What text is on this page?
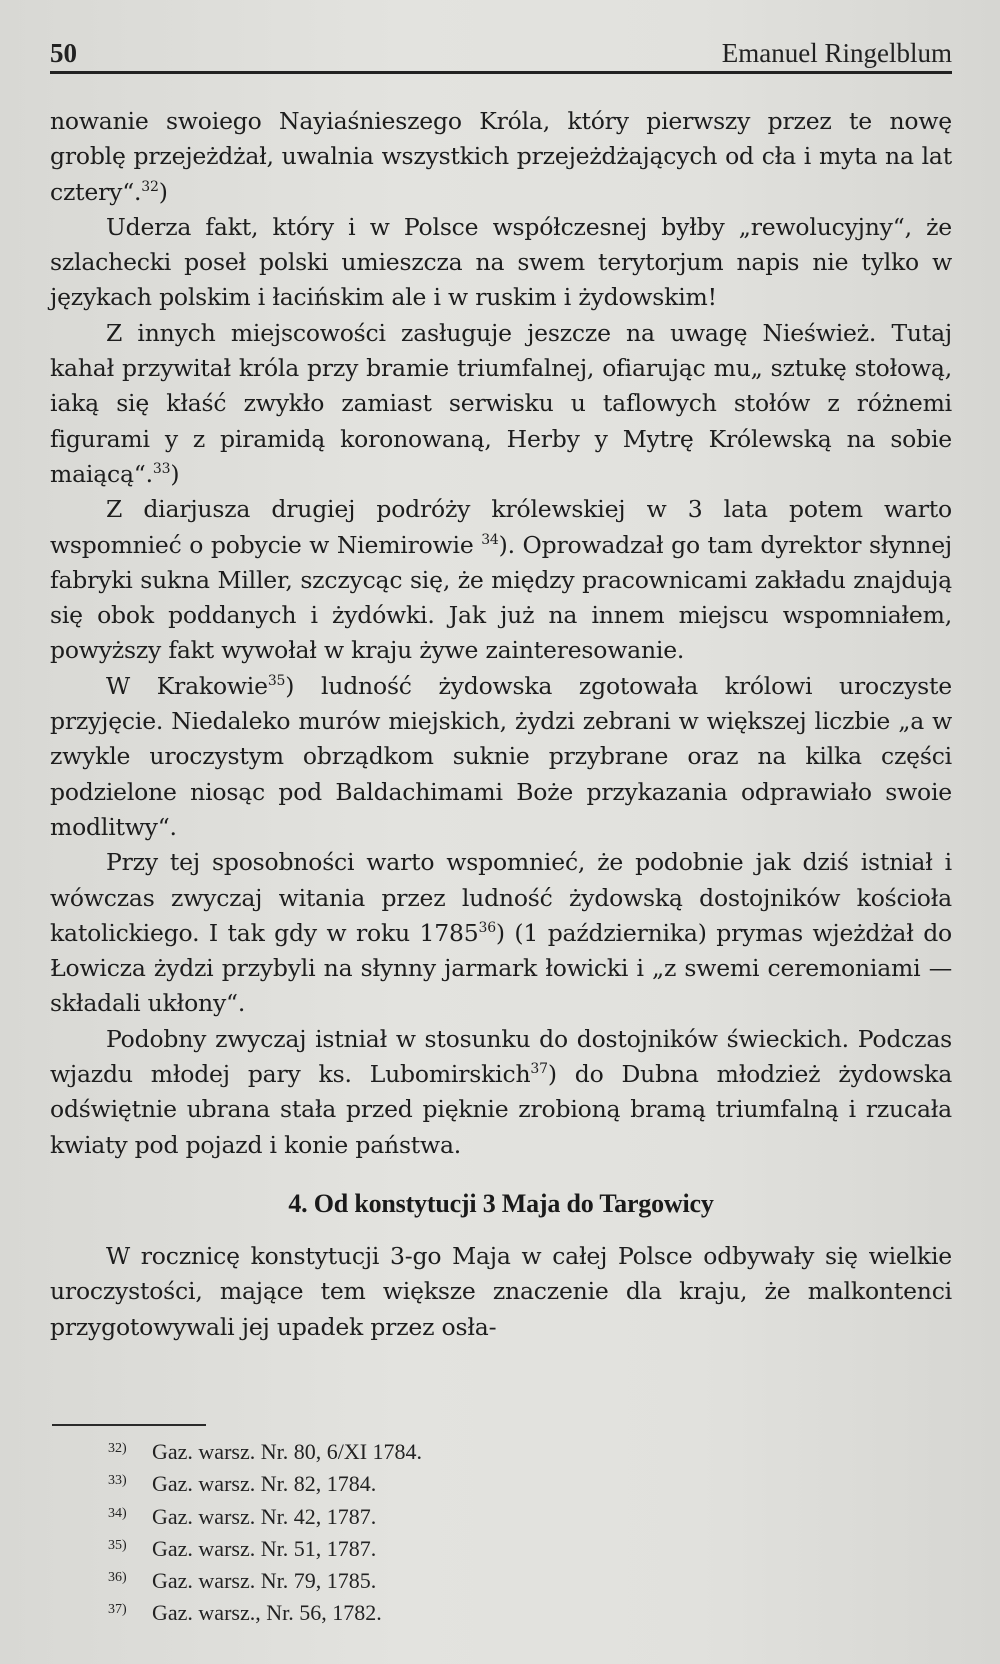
50	Emanuel Ringelblum

nowanie swoiego Nayiaśnieszego Króla, który pierwszy przez te nowę groblę przejeżdżał, uwalnia wszystkich przejeżdżających od cła i myta na lat cztery“.$^{32}$)

Uderza fakt, który i w Polsce współczesnej byłby „rewolucyjny“, że szlachecki poseł polski umieszcza na swem terytorjum napis nie tylko w językach polskim i łacińskim ale i w ruskim i żydowskim!

Z innych miejscowości zasługuje jeszcze na uwagę Nieśwież. Tutaj kahał przywitał króla przy bramie triumfalnej, ofiarując mu„ sztukę stołową, iaką się kłaść zwykło zamiast serwisku u taflowych stołów z różnemi figurami y z piramidą koronowaną, Herby y Mytrę Królewską na sobie maiącą“.$^{33}$)

Z diarjusza drugiej podróży królewskiej w 3 lata potem warto wspomnieć o pobycie w Niemirowie $^{34}$). Oprowadzał go tam dyrektor słynnej fabryki sukna Miller, szczycąc się, że między pracownicami zakładu znajdują się obok poddanych i żydówki. Jak już na innem miejscu wspomniałem, powyższy fakt wywołał w kraju żywe zainteresowanie.

W Krakowie$^{35}$) ludność żydowska zgotowała królowi uroczyste przyjęcie. Niedaleko murów miejskich, żydzi zebrani w większej liczbie „a w zwykle uroczystym obrządkom suknie przybrane oraz na kilka części podzielone niosąc pod Baldachimami Boże przykazania odprawiało swoie modlitwy“.

Przy tej sposobności warto wspomnieć, że podobnie jak dziś istniał i wówczas zwyczaj witania przez ludność żydowską dostojników kościoła katolickiego. I tak gdy w roku 1785$^{36}$) (1 października) prymas wjeżdżał do Łowicza żydzi przybyli na słynny jarmark łowicki i „z swemi ceremoniami — składali ukłony“.

Podobny zwyczaj istniał w stosunku do dostojników świeckich. Podczas wjazdu młodej pary ks. Lubomirskich$^{37}$) do Dubna młodzież żydowska odświętnie ubrana stała przed pięknie zrobioną bramą triumfalną i rzucała kwiaty pod pojazd i konie państwa.

4. Od konstytucji 3 Maja do Targowicy

W rocznicę konstytucji 3-go Maja w całej Polsce odbywały się wielkie uroczystości, mające tem większe znaczenie dla kraju, że malkontenci przygotowywali jej upadek przez osła-

32) Gaz. warsz. Nr. 80, 6/XI 1784.
33) Gaz. warsz. Nr. 82, 1784.
34) Gaz. warsz. Nr. 42, 1787.
35) Gaz. warsz. Nr. 51, 1787.
36) Gaz. warsz. Nr. 79, 1785.
37) Gaz. warsz., Nr. 56, 1782.
